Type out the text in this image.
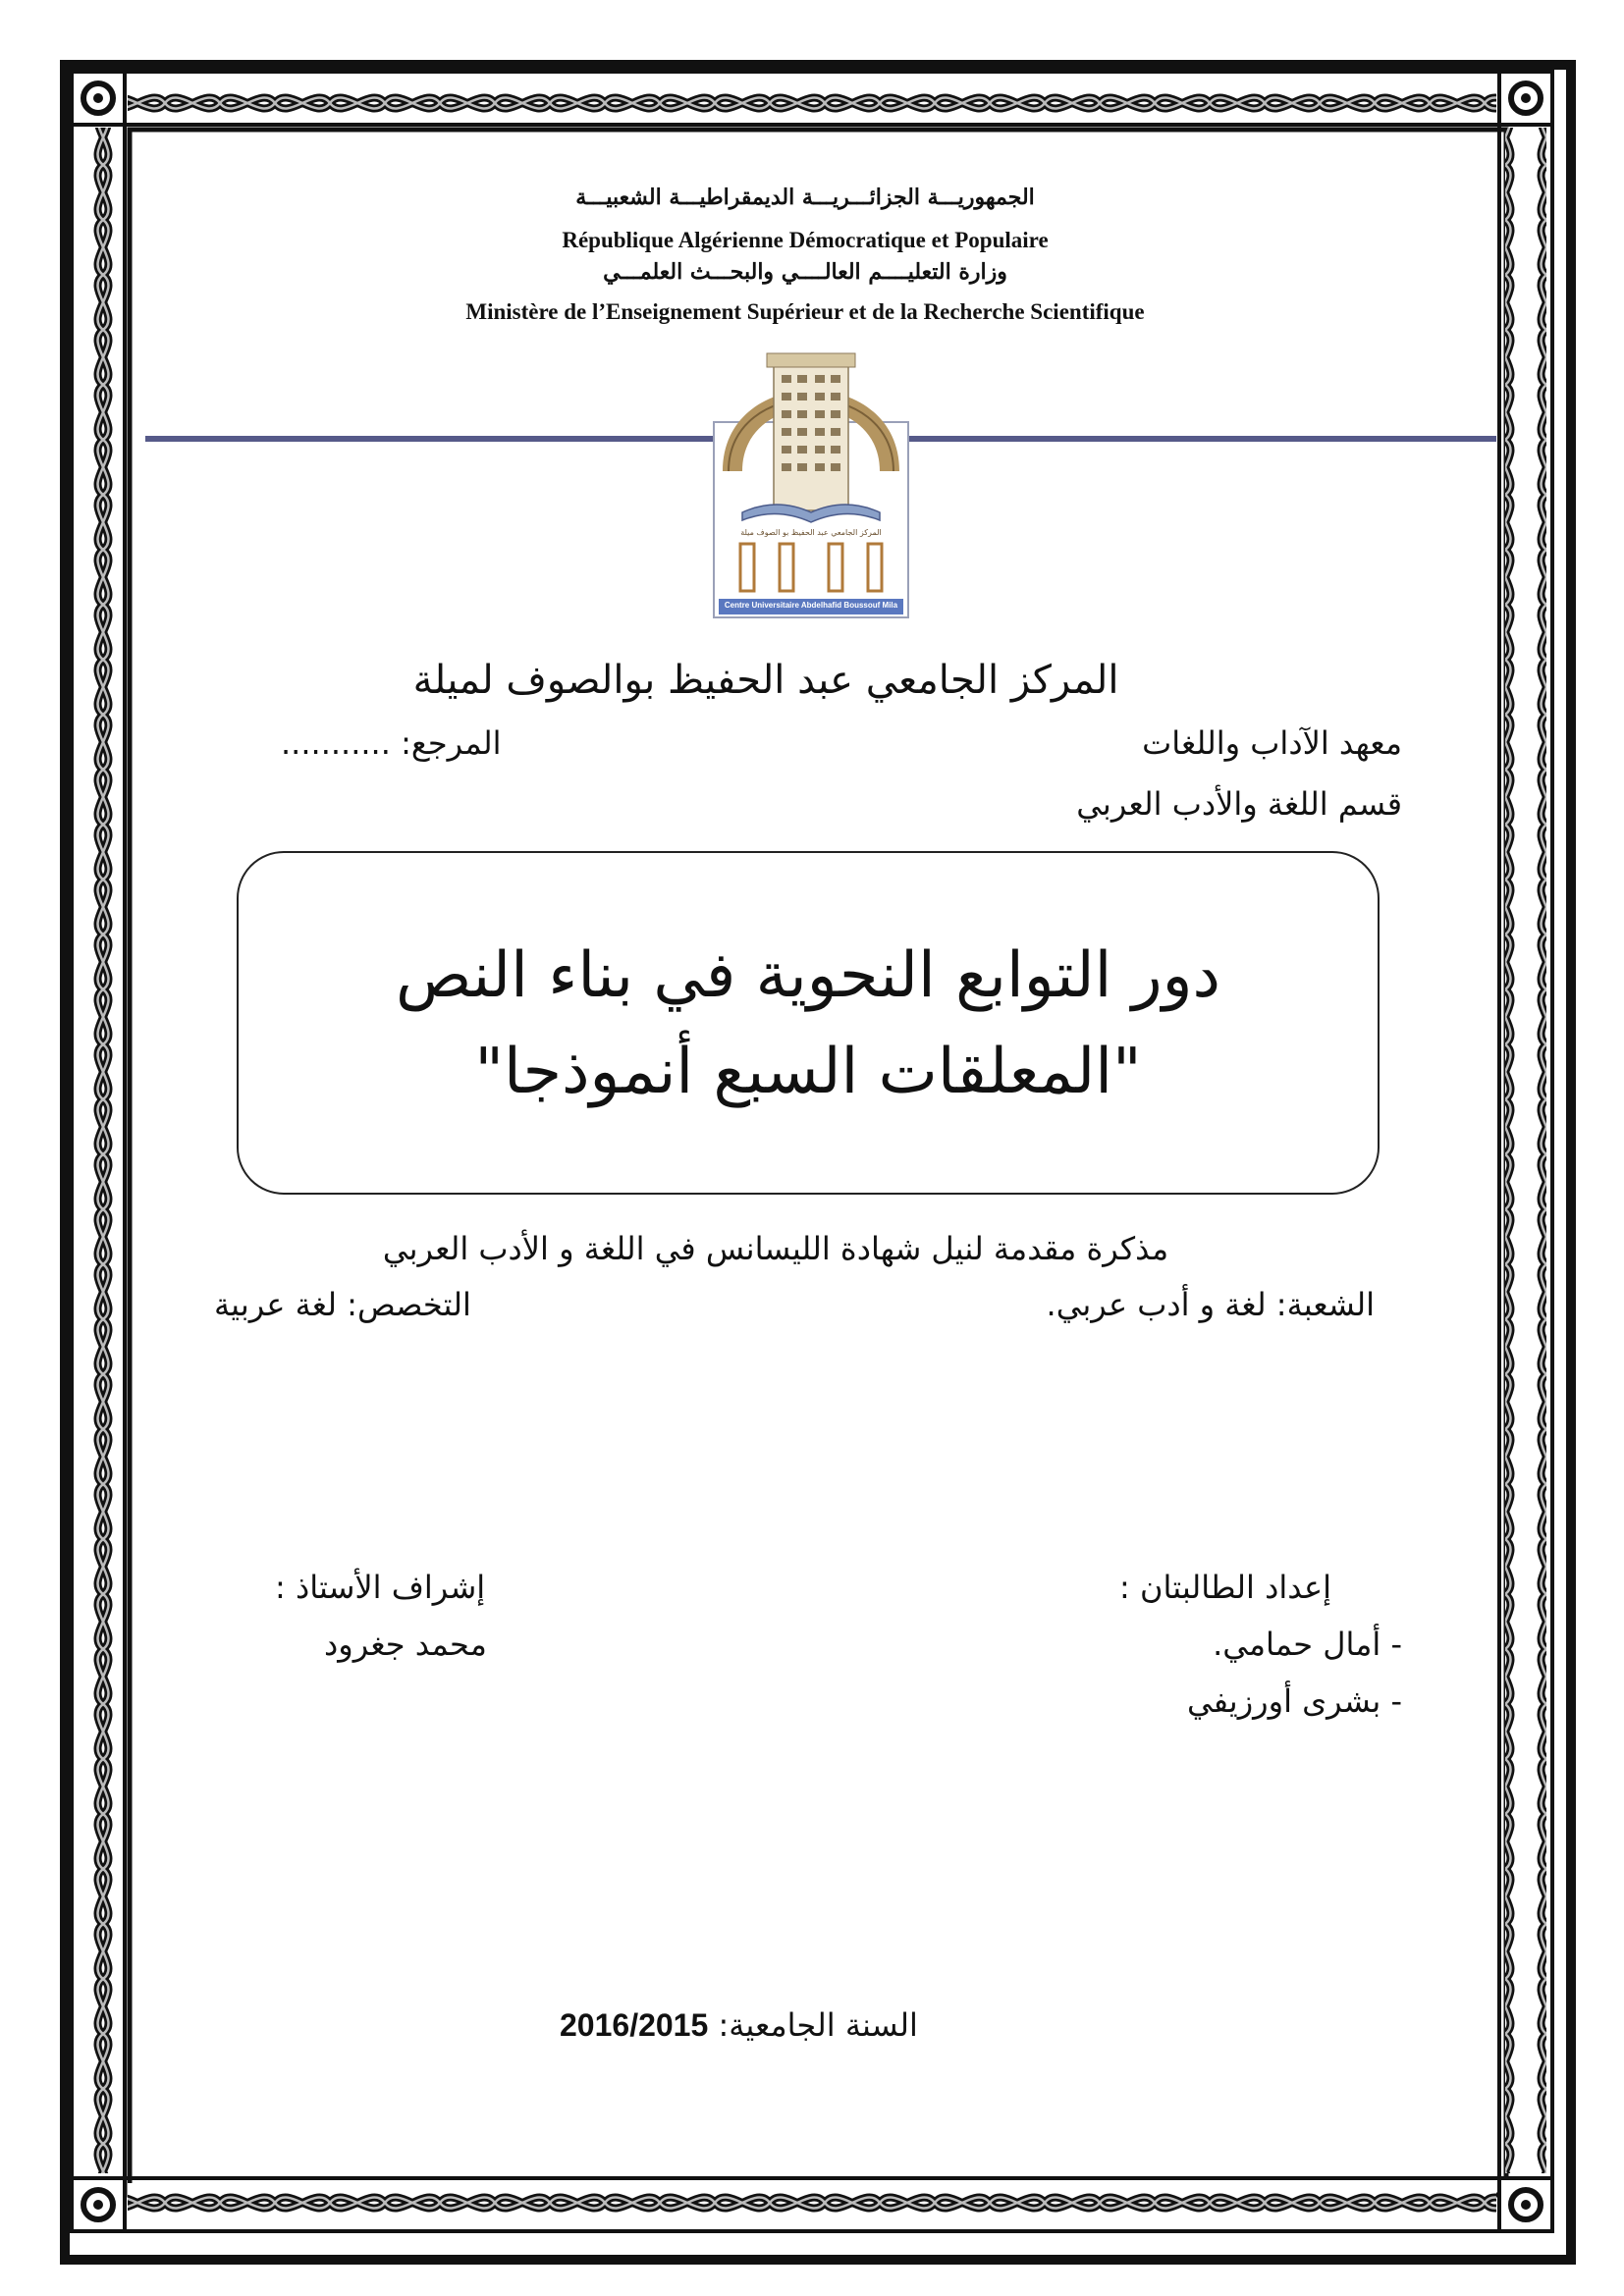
الجمهوريـــة الجزائـــريـــة الديمقراطيـــة الشعبيـــة
République Algérienne Démocratique et Populaire
وزارة التعليــــم العالــــي والبحـــث العلمـــي
Ministère de l’Enseignement Supérieur et de la Recherche Scientifique
المركز الجامعي عبد الحفيظ بو الصوف ميلة
Centre Universitaire Abdelhafid Boussouf Mila
المركز الجامعي عبد الحفيظ بوالصوف لميلة
معهد الآداب واللغات
المرجع: ...........
قسم اللغة والأدب العربي
دور التوابع النحوية في بناء النص
"المعلقات السبع أنموذجا"
مذكرة مقدمة لنيل شهادة الليسانس في اللغة و الأدب العربي
الشعبة: لغة و أدب عربي.
التخصص: لغة عربية
إعداد الطالبتان :
- أمال حمامي.
- بشرى أورزيفي
إشراف الأستاذ :
محمد جغرود
2016/2015 السنة الجامعية:
